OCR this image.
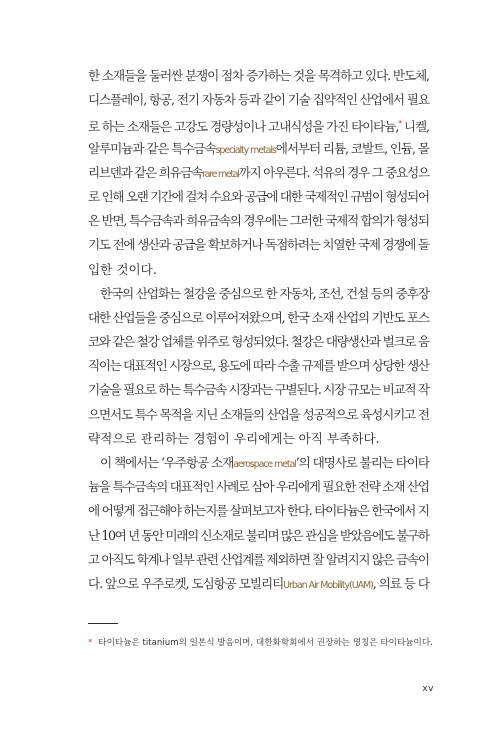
한 소재들을 둘러싼 분쟁이 점차 증가하는 것을 목격하고 있다. 반도체,
디스플레이, 항공, 전기 자동차 등과 같이 기술 집약적인 산업에서 필요
로 하는 소재들은 고강도 경량성이나 고내식성을 가진 타이타늄,* 니켈,
알루미늄과 같은 특수금속specialty metals에서부터 리튬, 코발트, 인듐, 몰
리브덴과 같은 희유금속rare metal까지 아우른다. 석유의 경우 그 중요성으
로 인해 오랜 기간에 걸쳐 수요와 공급에 대한 국제적인 규범이 형성되어
온 반면, 특수금속과 희유금속의 경우에는 그러한 국제적 합의가 형성되
기도 전에 생산과 공급을 확보하거나 독점하려는 치열한 국제 경쟁에 돌
입한 것이다.
한국의 산업화는 철강을 중심으로 한 자동차, 조선, 건설 등의 중후장
대한 산업들을 중심으로 이루어져왔으며, 한국 소재 산업의 기반도 포스
코와 같은 철강 업체를 위주로 형성되었다. 철강은 대량생산과 벌크로 움
직이는 대표적인 시장으로, 용도에 따라 수출 규제를 받으며 상당한 생산
기술을 필요로 하는 특수금속 시장과는 구별된다. 시장 규모는 비교적 작
으면서도 특수 목적을 지닌 소재들의 산업을 성공적으로 육성시키고 전
략적으로 관리하는 경험이 우리에게는 아직 부족하다.
이 책에서는 ‘우주항공 소재aerospace metal’의 대명사로 불리는 타이타
늄을 특수금속의 대표적인 사례로 삼아 우리에게 필요한 전략 소재 산업
에 어떻게 접근해야 하는지를 살펴보고자 한다. 타이타늄은 한국에서 지
난 10여 년 동안 미래의 신소재로 불리며 많은 관심을 받았음에도 불구하
고 아직도 학계나 일부 관련 산업계를 제외하면 잘 알려지지 않은 금속이
다. 앞으로 우주로켓, 도심항공 모빌리티Urban Air Mobility(UAM), 의료 등 다
* 타이타늄은 titanium의 일본식 발음이며, 대한화학회에서 권장하는 명칭은 타이타늄이다.
xv
